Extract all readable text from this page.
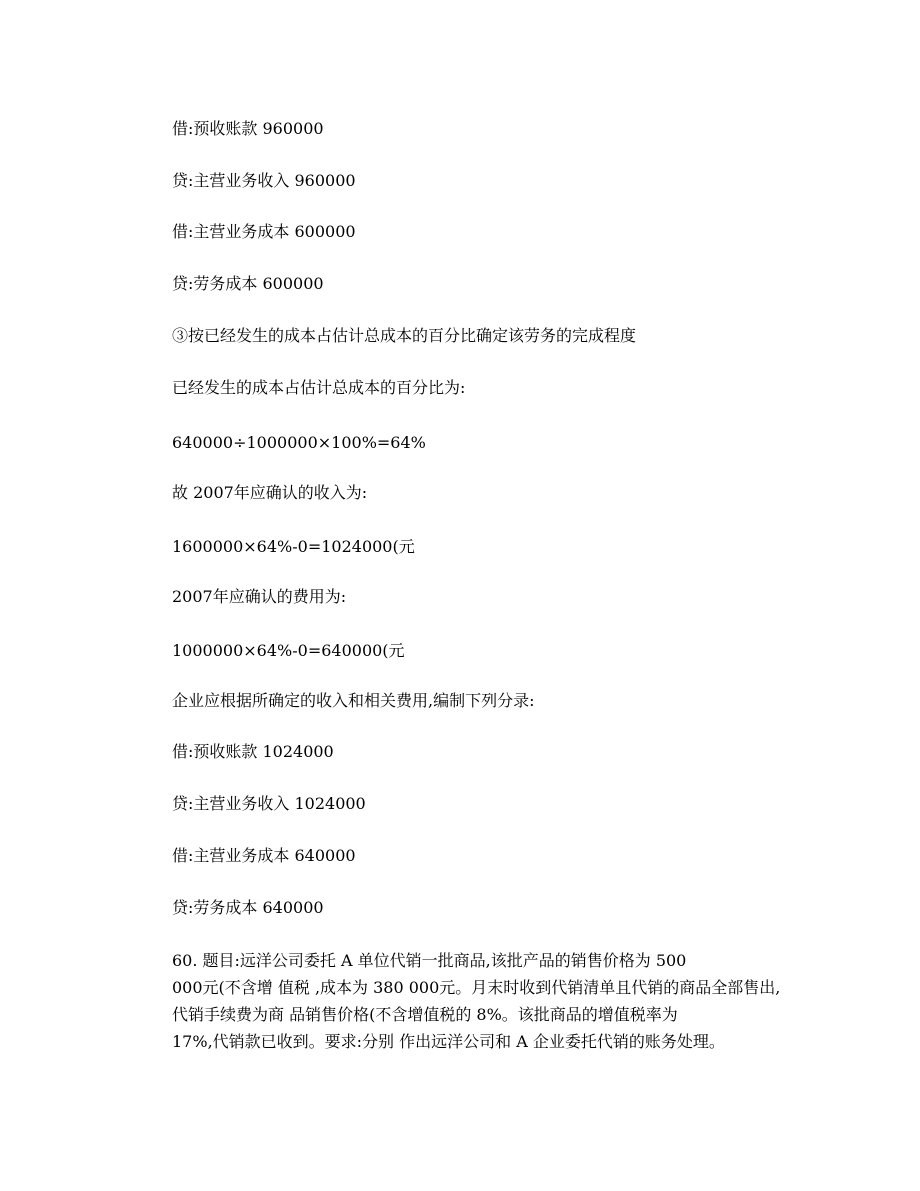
借:预收账款 960000
贷:主营业务收入 960000
借:主营业务成本 600000
贷:劳务成本 600000
③按已经发生的成本占估计总成本的百分比确定该劳务的完成程度
已经发生的成本占估计总成本的百分比为:
640000÷1000000×100%=64%
故 2007年应确认的收入为:
1600000×64%-0=1024000(元
2007年应确认的费用为:
1000000×64%-0=640000(元
企业应根据所确定的收入和相关费用,编制下列分录:
借:预收账款 1024000
贷:主营业务收入 1024000
借:主营业务成本 640000
贷:劳务成本 640000
60. 题目:远洋公司委托 A 单位代销一批商品,该批产品的销售价格为 500
000元(不含增 值税 ,成本为 380 000元。月末时收到代销清单且代销的商品全部售出,
代销手续费为商 品销售价格(不含增值税的 8%。该批商品的增值税率为
17%,代销款已收到。要求:分别 作出远洋公司和 A 企业委托代销的账务处理。
